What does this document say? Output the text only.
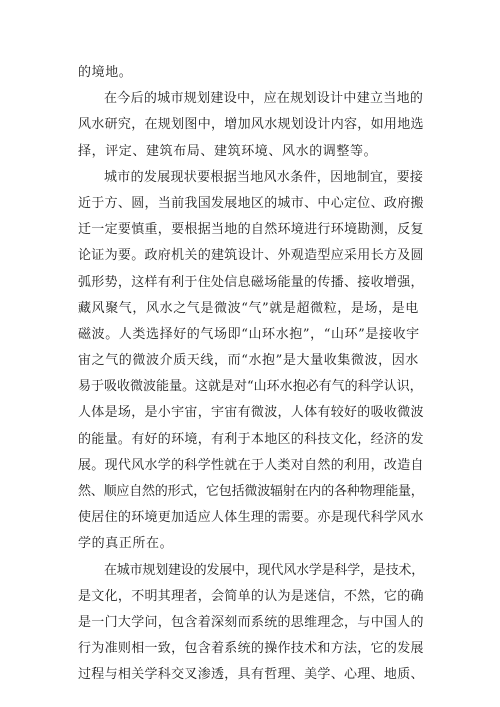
的境地。
在今后的城市规划建设中，应在规划设计中建立当地的
风水研究，在规划图中，增加风水规划设计内容，如用地选
择，评定、建筑布局、建筑环境、风水的调整等。
城市的发展现状要根据当地风水条件，因地制宜，要接
近于方、圆，当前我国发展地区的城市、中心定位、政府搬
迁一定要慎重，要根据当地的自然环境进行环境勘测，反复
论证为要。政府机关的建筑设计、外观造型应采用长方及圆
弧形势，这样有利于住处信息磁场能量的传播、接收增强，
藏风聚气，风水之气是微波“气”就是超微粒，是场，是电
磁波。人类选择好的气场即“山环水抱”，“山环”是接收宇
宙之气的微波介质天线，而“水抱”是大量收集微波，因水
易于吸收微波能量。这就是对“山环水抱必有气的科学认识，
人体是场，是小宇宙，宇宙有微波，人体有较好的吸收微波
的能量。有好的环境，有利于本地区的科技文化，经济的发
展。现代风水学的科学性就在于人类对自然的利用，改造自
然、顺应自然的形式，它包括微波辐射在内的各种物理能量，
使居住的环境更加适应人体生理的需要。亦是现代科学风水
学的真正所在。
在城市规划建设的发展中，现代风水学是科学，是技术，
是文化，不明其理者，会简单的认为是迷信，不然，它的确
是一门大学问，包含着深刻而系统的思维理念，与中国人的
行为准则相一致，包含着系统的操作技术和方法，它的发展
过程与相关学科交叉渗透，具有哲理、美学、心理、地质、
